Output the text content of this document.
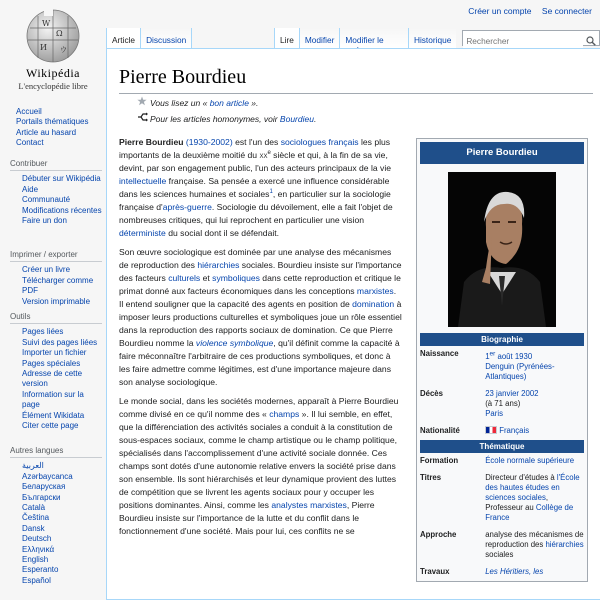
W
Ω
И ウ
Wikipédia
L'encyclopédie libre
Accueil
Portails thématiques
Article au hasard
Contact
Contribuer
Débuter sur Wikipédia
Aide
Communauté
Modifications récentes
Faire un don
Imprimer / exporter
Créer un livre
Télécharger comme PDF
Version imprimable
Outils
Pages liées
Suivi des pages liées
Importer un fichier
Pages spéciales
Adresse de cette version
Information sur la page
Élément Wikidata
Citer cette page
Autres langues
العربية
Azərbaycanca
Беларуская
Български
Català
Čeština
Dansk
Deutsch
Ελληνικά
English
Esperanto
Español
Créer un compte Se connecter
Article	Discussion	Lire	Modifier	Modifier le	Historique
Rechercher
Pierre Bourdieu
Vous lisez un « bon article ».
Pour les articles homonymes, voir Bourdieu.

Pierre Bourdieu (1930-2002) est l'un des sociologues français les plus importants de la deuxième moitié du $xx^e$ siècle et qui, à la fin de sa vie, devint, par son engagement public, l'un des acteurs principaux de la vie intellectuelle française. Sa pensée a exercé une influence considérable dans les sciences humaines et sociales$^1$, en particulier sur la sociologie française d'après-guerre. Sociologie du dévoilement, elle a fait l'objet de nombreuses critiques, qui lui reprochent en particulier une vision déterministe du social dont il se défendait.

Son œuvre sociologique est dominée par une analyse des mécanismes de reproduction des hiérarchies sociales. Bourdieu insiste sur l'importance des facteurs culturels et symboliques dans cette reproduction et critique le primat donné aux facteurs économiques dans les conceptions marxistes. Il entend souligner que la capacité des agents en position de domination à imposer leurs productions culturelles et symboliques joue un rôle essentiel dans la reproduction des rapports sociaux de domination. Ce que Pierre Bourdieu nomme la violence symbolique, qu'il définit comme la capacité à faire méconnaître l'arbitraire de ces productions symboliques, et donc à les faire admettre comme légitimes, est d'une importance majeure dans son analyse sociologique.

Le monde social, dans les sociétés modernes, apparaît à Pierre Bourdieu comme divisé en ce qu'il nomme des « champs ». Il lui semble, en effet, que la différenciation des activités sociales a conduit à la constitution de sous-espaces sociaux, comme le champ artistique ou le champ politique, spécialisés dans l'accomplissement d'une activité sociale donnée. Ces champs sont dotés d'une autonomie relative envers la société prise dans son ensemble. Ils sont hiérarchisés et leur dynamique provient des luttes de compétition que se livrent les agents sociaux pour y occuper les positions dominantes. Ainsi, comme les analystes marxistes, Pierre Bourdieu insiste sur l'importance de la lutte et du conflit dans le fonctionnement d'une société. Mais pour lui, ces conflits ne se

Pierre Bourdieu
Biographie
Naissance	1er août 1930
Denguin (Pyrénées-Atlantiques)
Décès	23 janvier 2002
(à 71 ans)
Paris
Nationalité	Français
Thématique
Formation	École normale supérieure
Titres	Directeur d'études à l'École des hautes études en sciences sociales, Professeur au Collège de France
Approche	analyse des mécanismes de reproduction des hiérarchies sociales
Travaux	Les Héritiers, les
